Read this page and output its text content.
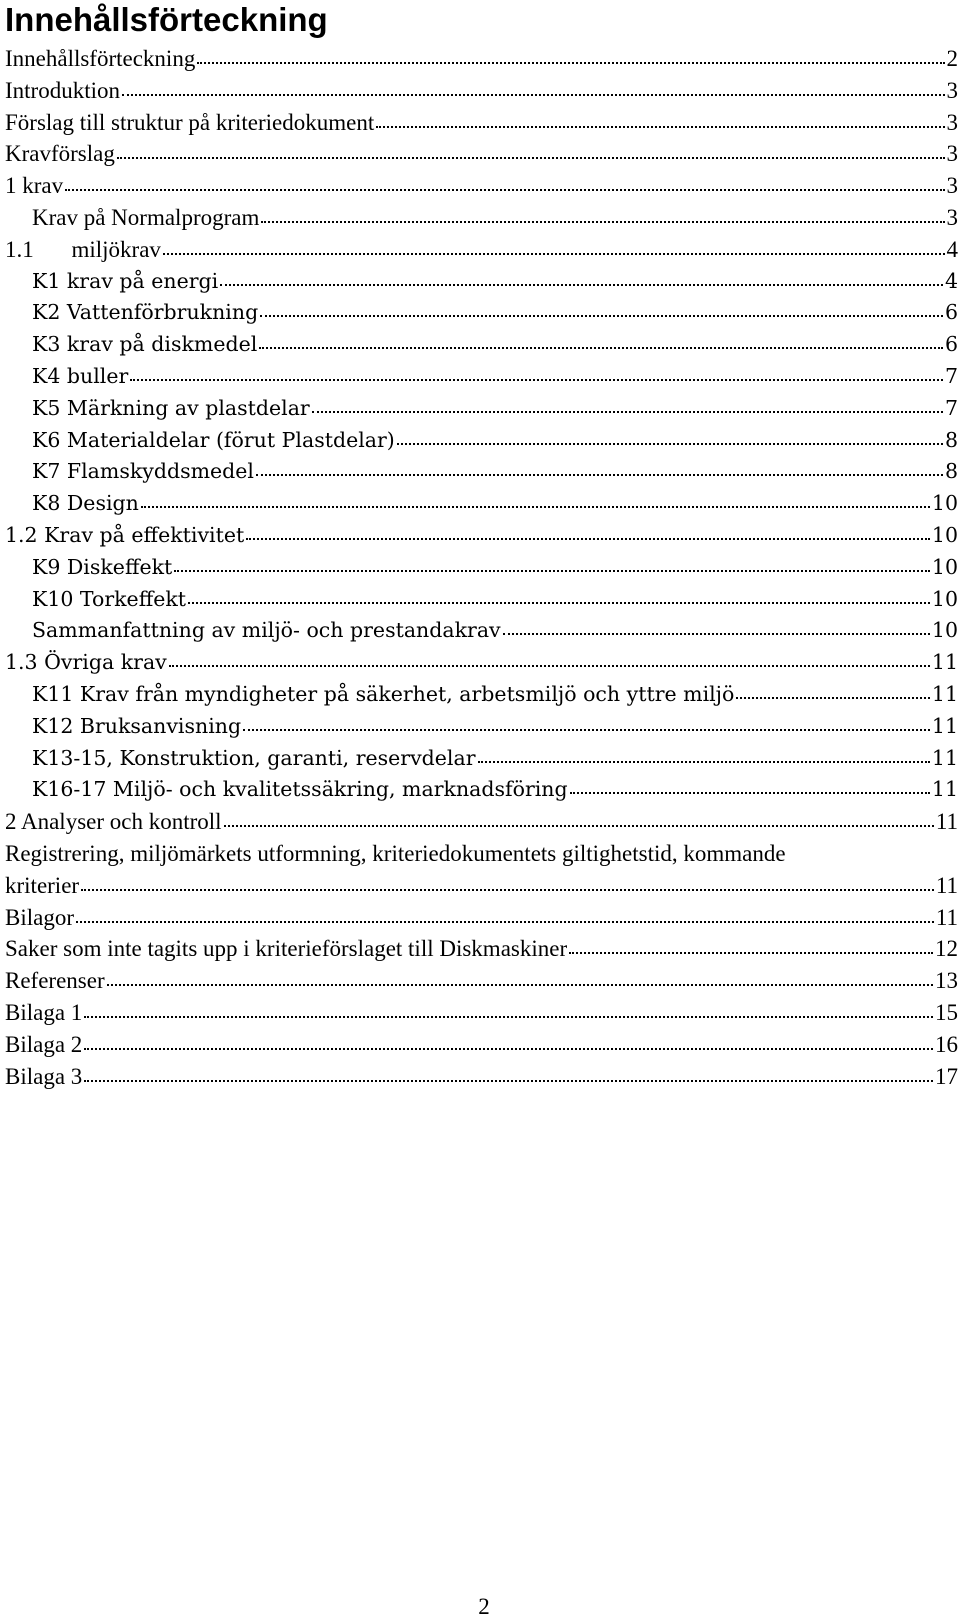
Innehållsförteckning
Innehållsförteckning	2
Introduktion	3
Förslag till struktur på kriteriedokument	3
Kravförslag	3
1 krav	3
Krav på Normalprogram	3
1.1 miljökrav	4
K1 krav på energi	4
K2 Vattenförbrukning	6
K3 krav på diskmedel	6
K4 buller	7
K5 Märkning av plastdelar	7
K6 Materialdelar (förut Plastdelar)	8
K7 Flamskyddsmedel	8
K8 Design	10
1.2 Krav på effektivitet	10
K9 Diskeffekt	10
K10 Torkeffekt	10
Sammanfattning av miljö- och prestandakrav	10
1.3 Övriga krav	11
K11 Krav från myndigheter på säkerhet, arbetsmiljö och yttre miljö	11
K12 Bruksanvisning	11
K13-15, Konstruktion, garanti, reservdelar	11
K16-17 Miljö- och kvalitetssäkring, marknadsföring	11
2 Analyser och kontroll	11
Registrering, miljömärkets utformning, kriteriedokumentets giltighetstid, kommande
kriterier	11
Bilagor	11
Saker som inte tagits upp i kriterieförslaget till Diskmaskiner	12
Referenser	13
Bilaga 1	15
Bilaga 2	16
Bilaga 3	17
2
